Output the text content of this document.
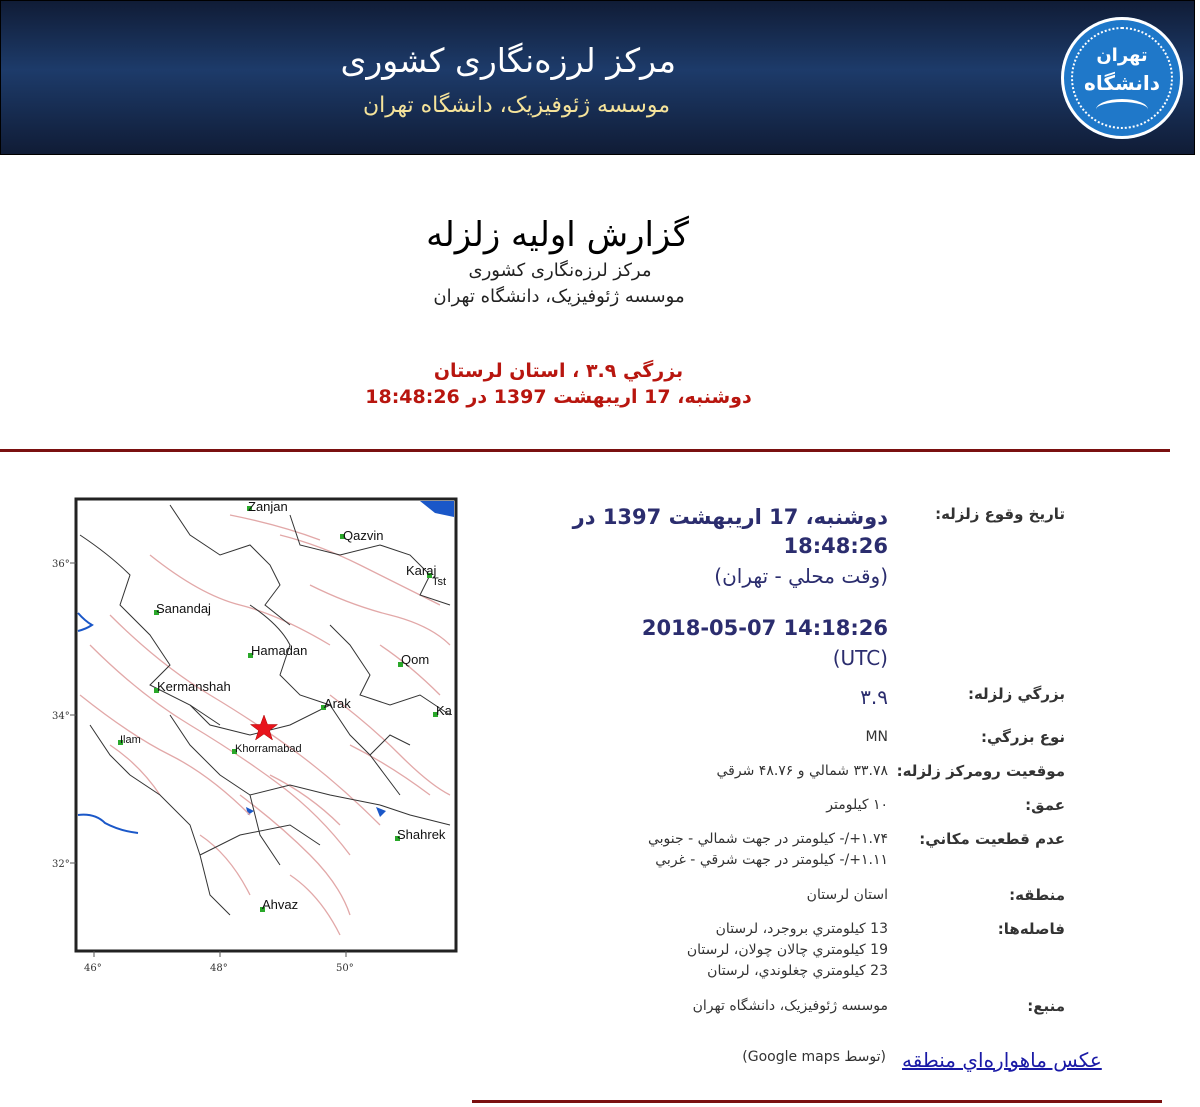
تهران
دانشگاه
مرکز لرزه‌نگاری کشوری
موسسه ژئوفیزیک، دانشگاه تهران
گزارش اولیه زلزله
مرکز لرزه‌نگاری کشوری
موسسه ژئوفیزیک، دانشگاه تهران
بزرگي ۳.۹ ، استان لرستان
دوشنبه، 17 اريبهشت 1397 در 18:48:26
36°
34°
32°
46°	48°	50°
Zanjan
Qazvin
Karaj
Sanandaj
Hamadan
Qom
Kermanshah
Arak	Ka
Ilam
Khorramabad
Shahrek
Ahvaz
Tst
تاریخ وقوع زلزله:
دوشنبه، 17 اريبهشت 1397 در
18:48:26
(وقت محلي - تهران)
2018-05-07 14:18:26
(UTC)
بزرگي زلزله:
۳.۹
نوع بزرگي:
MN
موقعيت رومرکز زلزله:
۳۳.۷۸ شمالي و ۴۸.۷۶ شرقي
عمق:
۱۰ کيلومتر
عدم قطعيت مکاني:
۱.۷۴+/- کيلومتر در جهت شمالي - جنوبي
۱.۱۱+/- کيلومتر در جهت شرقي - غربي
منطقه:
استان لرستان
فاصله‌ها:
13 کيلومتري بروجرد، لرستان
19 کيلومتري چالان چولان، لرستان
23 کيلومتري چغلوندي، لرستان
منبع:
موسسه ژئوفيزيک، دانشگاه تهران
عکس ماهواره‌اي منطقه
(توسط Google maps)
